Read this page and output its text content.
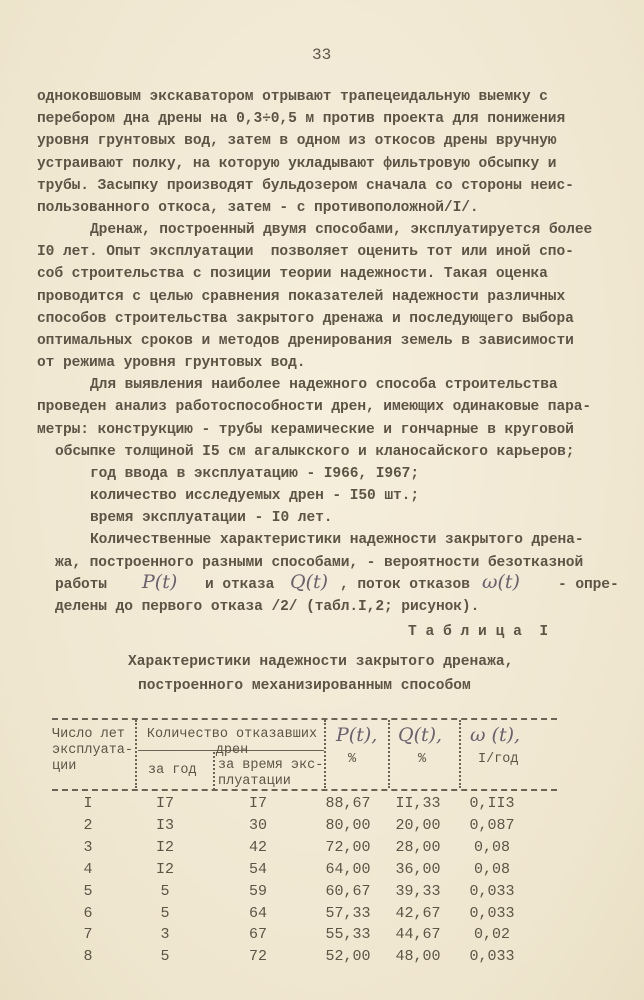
33
одноковшовым экскаватором отрывают трапецеидальную выемку с
перебором дна дрены на 0,3÷0,5 м против проекта для понижения
уровня грунтовых вод, затем в одном из откосов дрены вручную
устраивают полку, на которую укладывают фильтровую обсыпку и
трубы. Засыпку производят бульдозером сначала со стороны неис-
пользованного откоса, затем - с противоположной/I/.
Дренаж, построенный двумя способами, эксплуатируется более
I0 лет. Опыт эксплуатации  позволяет оценить тот или иной спо-
соб строительства с позиции теории надежности. Такая оценка
проводится с целью сравнения показателей надежности различных
способов строительства закрытого дренажа и последующего выбора
оптимальных сроков и методов дренирования земель в зависимости
от режима уровня грунтовых вод.
Для выявления наиболее надежного способа строительства
проведен анализ работоспособности дрен, имеющих одинаковые пара-
метры: конструкцию - трубы керамические и гончарные в круговой
обсыпке толщиной I5 см агалыкского и кланосайского карьеров;
год ввода в эксплуатацию - I966, I967;
количество исследуемых дрен - I50 шт.;
время эксплуатации - I0 лет.
Количественные характеристики надежности закрытого дрена-
жа, построенного разными способами, - вероятности безотказной
делены до первого отказа /2/ (табл.I,2; рисунок).
работы P(t) и отказа Q(t) , поток отказов ω(t)	- опре-
Т а б л и ц а  I
Характеристики надежности закрытого дренажа,
построенного механизированным способом
Число лет
эксплуата-
ции
Количество отказавших
дрен
за год за время экс-
плуатации
P(t),
%
Q(t),
%
ω (t),
I/год
I	I7	I7	88,67	II,33	0,II3
2	I3	30	80,00	20,00	0,087
3	I2	42	72,00	28,00	0,08
4	I2	54	64,00	36,00	0,08
5	5	59	60,67	39,33	0,033
6	5	64	57,33	42,67	0,033
7	3	67	55,33	44,67	0,02
8	5	72	52,00	48,00	0,033
